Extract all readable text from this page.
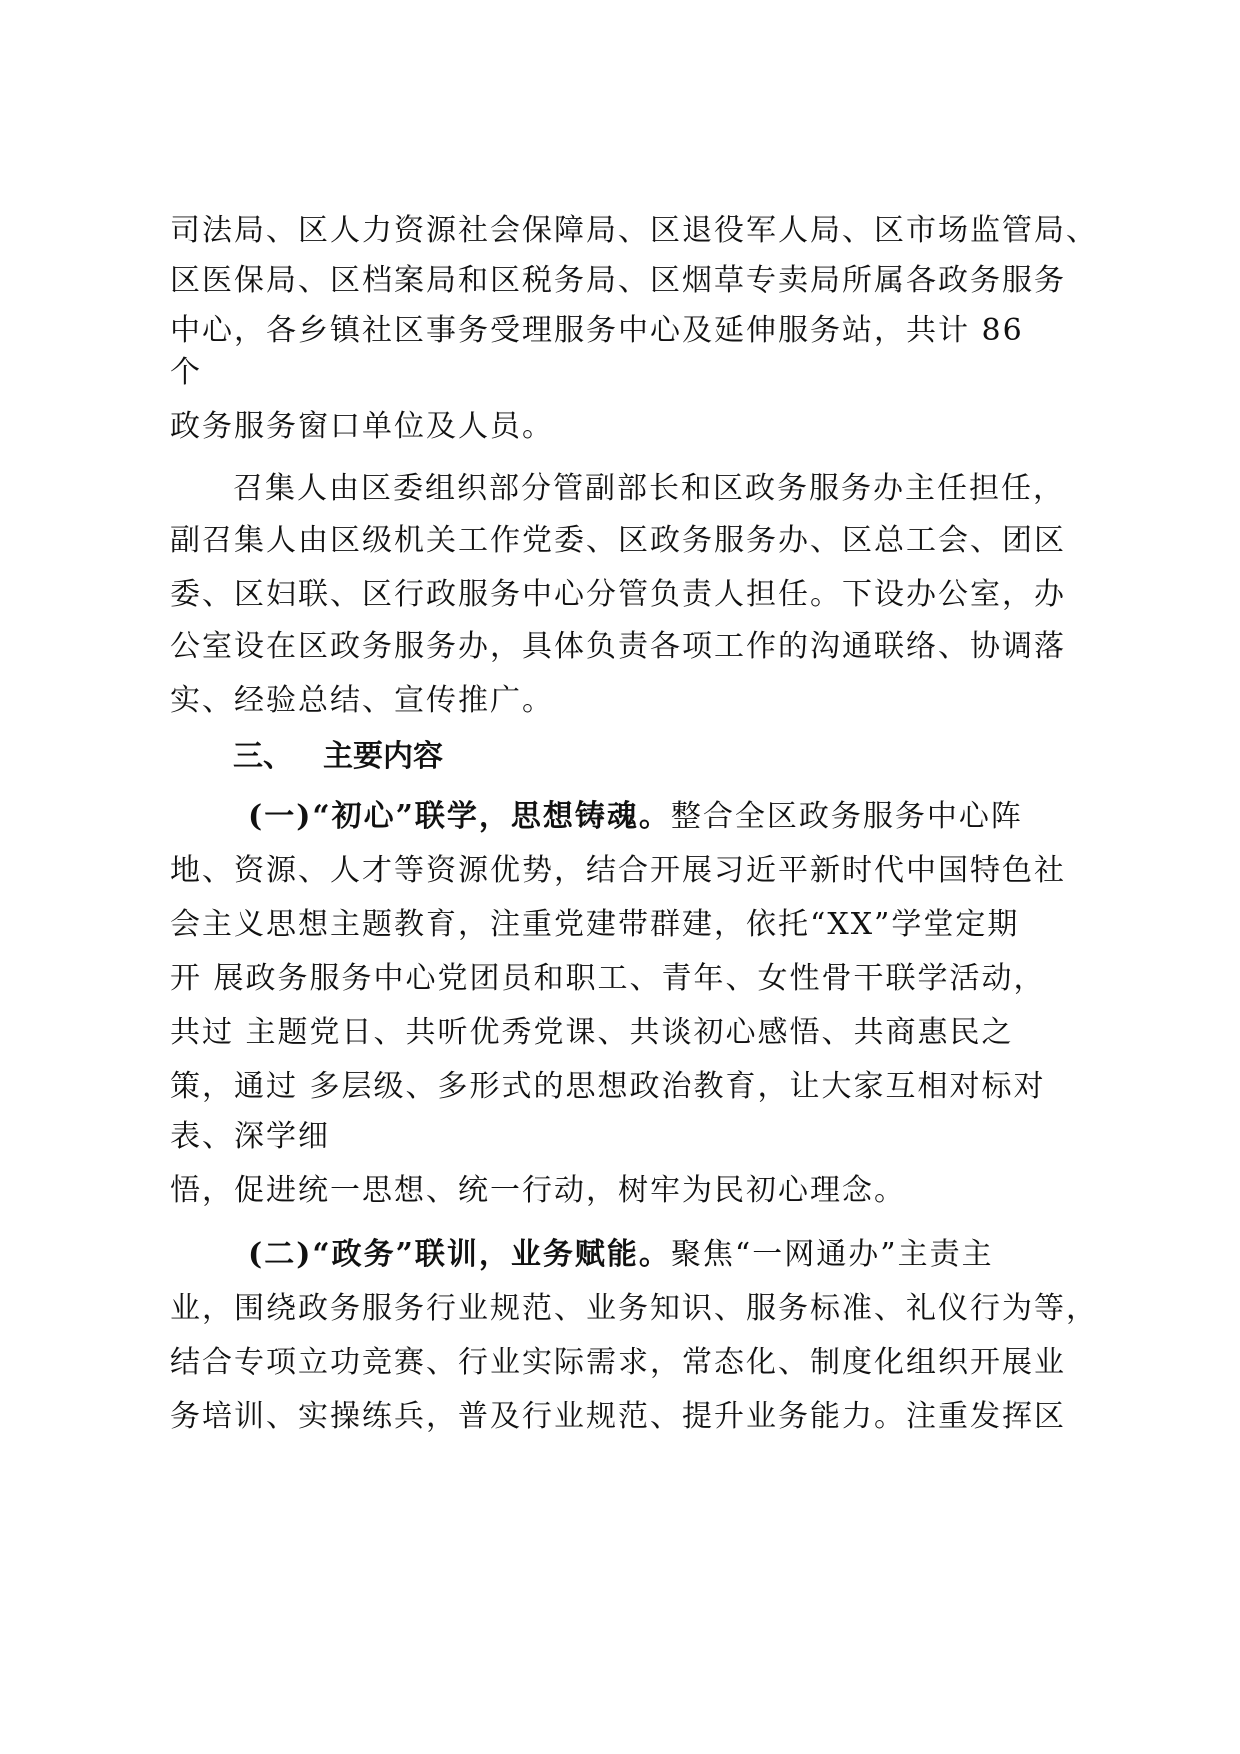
司法局、区人力资源社会保障局、区退役军人局、区市场监管局、
区医保局、区档案局和区税务局、区烟草专卖局所属各政务服务
中心，各乡镇社区事务受理服务中心及延伸服务站，共计 86
个
政务服务窗口单位及人员。
召集人由区委组织部分管副部长和区政务服务办主任担任，
副召集人由区级机关工作党委、区政务服务办、区总工会、团区
委、区妇联、区行政服务中心分管负责人担任。下设办公室，办
公室设在区政务服务办，具体负责各项工作的沟通联络、协调落
实、经验总结、宣传推广。
三、 主要内容
(一)“初心”联学，思想铸魂。整合全区政务服务中心阵
地、资源、人才等资源优势，结合开展习近平新时代中国特色社
会主义思想主题教育，注重党建带群建，依托“XX”学堂定期
开 展政务服务中心党团员和职工、青年、女性骨干联学活动，
共过 主题党日、共听优秀党课、共谈初心感悟、共商惠民之
策，通过 多层级、多形式的思想政治教育，让大家互相对标对
表、深学细
悟，促进统一思想、统一行动，树牢为民初心理念。
(二)“政务”联训，业务赋能。聚焦“一网通办”主责主
业，围绕政务服务行业规范、业务知识、服务标准、礼仪行为等，
结合专项立功竞赛、行业实际需求，常态化、制度化组织开展业
务培训、实操练兵，普及行业规范、提升业务能力。注重发挥区
